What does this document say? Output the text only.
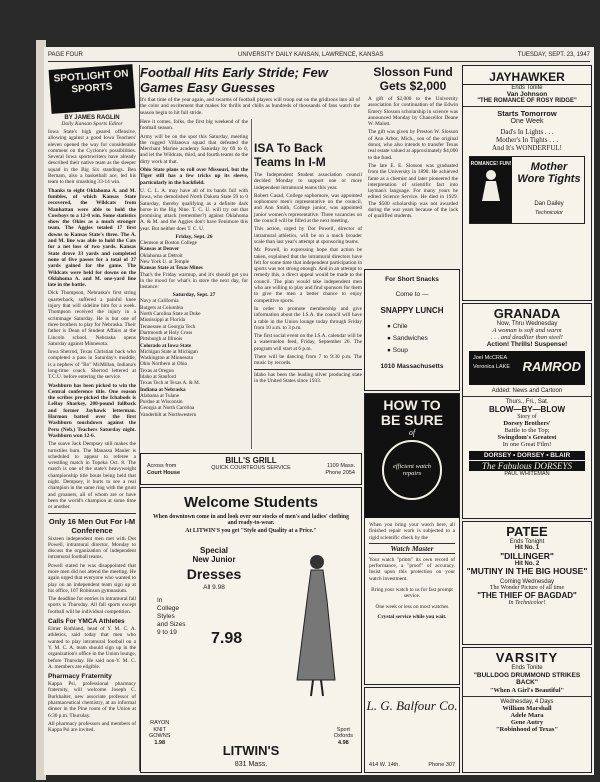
PAGE FOUR	UNIVERSITY DAILY KANSAN, LAWRENCE, KANSAS	TUESDAY, SEPT. 23, 1947
SPOTLIGHT ON SPORTS
BY JAMES RAGLIN
Daily Kansan Sports Editor

Iowa State's high geared offensive, allowing against a good Iowa Teachers' eleven opened the way for considerable comment on the Cyclone's possibilities. Several Iowa sportswriters have already described their native team as the sleeper squad in the Big Six standings. Ben Bernam, also a basketball ace, led his team to their smashing 33-14 win.

Thanks to eight Oklahoma A. and M. fumbles, of which Kansas State recovered, the Wildcats from Manhattan were able to hold the Cowboys to a 12-0 win. Some statistics show the Okies as a much stronger team. The Aggies totaled 17 first downs to Kansas State's three. The A. and M. line was able to hold the Cats for a net loss of two yards. Kansas State drove 33 yards and completed none of five passes for a total of 37 yards gained for the game. The Wildcats were held for downs on the Oklahoma A. and M. one-yard line late in the battle.

Dick Thompson, Nebraska's first string quarterback, suffered a painful knee injury that will sideline him for a week. Thompson received the injury in a scrimmage Saturday. He is but one of three brothers to play for Nebraska. Their father is Dean of Student Affairs at the Lincoln school. Nebraska opens Saturday against Minnesota.

Iowa Sherrod, Texas Christian back who completed a pass in Saturday's muddle, is a nephew of "Bo" McMillan, Indiana's long-time coach. Sherrod lettered at T.C.U. before entering the service.

Washburn has been picked to win the Central conference title. One reason the scribes pre-picked the Ichabods is LeRoy Sharkey, 200-pound fullback and former Jayhawk letterman. Harmon batted over the first Washburn touchdown against the Peru (Neb.) Teachers Saturday night. Washburn won 12-6.

The suave Jack Dempsey still makes the turnstiles hum. The Manassa Mauler is scheduled to appear to referee a wrestling match in Topeka Oct. 8. The match is one of the state's heavyweight championship title bouts being held that night. Dempsey, it hurts to see a real champion in the same ring with the grunt and groaners, all of whom are or have been the world's champion at some time or another.

Only 16 Men Out For I-M Conference

Sixteen independent men met with Dot Powell, intramural director, Monday to discuss the organization of independent intramural football teams.

Powell stated he was disappointed that more men did not attend the meeting. He again urged that everyone who wanted to play on an independent team sign up at his office, 107 Robinson gymnasium.

The deadline for entries in intramural fall sports is Thursday. All fall sports except football will be individual competition.

Calls For YMCA Athletes

Elmer Rothland, head of Y. M. C. A. athletics, said today that men who wanted to play intramural football on a Y. M. C. A. team should sign up in the organization's office in the Union lounge, before Thursday. He said non-Y. M. C. A. members are eligible.

Pharmacy Fraternity

Kappa Psi, professional pharmacy fraternity, will welcome Joseph C. Burkhalter, new associate professor of pharmaceutical chemistry, at an informal dinner in the Pine room of the Union at 6:30 p.m. Thursday.

All pharmacy professors and members of Kappa Psi are invited.

Football Hits Early Stride; Few Games Easy Guesses

It's that time of the year again, and swarms of football players will troop out on the gridirons into all of the color and excitement that makes for thrills and chills as hundreds of thousands of fans watch the season begin to hit full stride.

Here it comes, folks, the first big weekend of the football season.

Army will be on the spot this Saturday, meeting the rugged Villanova squad that defeated the Merchant Marine academy Saturday by 69 to 0, and let the Wildcats, third, and fourth teams do the dirty work at that.

Ohio State plans to roll over Missouri, but the Tiger still has a few tricks up its sleeve, particularly in the backfield.

U. C. L. A. may have all of its bands full with Iowa, who demolished North Dakota State 59 to 0 Saturday, thereby qualifying as a definite dark horse in the Big Nine. T. C. U. will try out that promising attack (remember?) against Oklahoma A. & M. and the Aggies don't have Fenimore this year. But neither does T. C. U.

Friday, Sept. 26
Clemson at Boston College
Kansas at Denver
Oklahoma at Detroit
New York U. at Temple
Kansas State at Texas Mines

That's the Friday warmup, and it's should get you in the mood for what's in store the next day, for instance:

Saturday, Sept. 27
Navy at California
Rutgers at Columbia
North Carolina State at Duke
Mississippi at Florida
Tennessee at Georgia Tech
Dartmouth at Holy Cross
Pittsburgh at Illinois
Colorado at Iowa State
Michigan State at Michigan
Washington at Minnesota
Ohio Northern at Ohio
Texas at Oregon
Idaho at Stanford
Texas Tech at Texas A. & M.
Indiana at Nebraska
Alabama at Tulane
Purdue at Wisconsin
Georgia at North Carolina
Vanderbilt at Northwestern
ISA To Back Teams In I-M

The Independent Student association council decided Monday to support one or more independent intramural teams this year.

Robert Casad, College sophomore, was appointed sophomore men's representative on the council, and Ann Smith, College junior, was appointed junior women's representative. Three vacancies on the council will be filled at the next meeting.

This action, urged by Dot Powell, director of intramural athletics, will be on a much broader scale than last year's attempt at sponsoring teams.

Mr. Powell, in expressing hope that action be taken, explained that the intramural directors have felt for some time that independent participation in sports was not strong enough. And in an attempt to remedy this, a direct appeal would be made to the council. The plan would take independent men who are willing to play and find sponsors for them to give the men a better chance to enjoy competitive sports.

In order to promote membership and give information about the I.S.A. the council will have a table in the Union lounge today through Friday from 10 a.m. to 3 p.m.

The first social event on the I.S.A. calendar will be a watermelon feed, Friday, September 26. The program will start at 6 p.m.

There will be dancing from 7 to 9:30 p.m. The music by records.

Idaho has been the leading silver producing state in the United States since 1933.

Slosson Fund Gets $2,000

A gift of $2,000 to the University association for continuation of the Edwin Emery Slosson scholarship in science was announced Monday by Chancellor Deane W. Malott.

The gift was given by Preston W. Slosson of Ann Arbor, Mich., son of the original donor, who also intends to transfer Texas real estate valued at approximately $4,000 to the fund.

The late E. E. Slosson was graduated from the University in 1890. He achieved fame as a chemist and later pioneered the interpretation of scientific fact into layman's language. For many years he edited Science Service. He died in 1929. The $500 scholarship was not awarded during the war years because of the lack of qualified students.

For Short Snacks
Come to —
SNAPPY LUNCH
● Chile
● Sandwiches
● Soup
1010 Massachusetts
HOW TO
BE SURE
of
efficient watch repairs

When you bring your watch here, all finished repair work is subjected to a rigid scientific check by the

Watch Master

Your watch "prints" its own record of performance, a "proof" of accuracy. Insist upon this protection on your watch investment.

Bring your watch to us for fast prompt service.

One week or less on most watches

Crystal service while you wait.

L. G. Balfour Co.
414 W. 14th.	Phone 307
BILL'S GRILL
QUICK COURTEOUS SERVICE
Across from
Court House
1109 Mass.
Phone 2054
Welcome Students

When downtown come in and look over our stocks of men's and ladies' clothing and ready-to-wear.

At LITWIN'S you get "Style and Quality at a Price."

Special
New Junior
Dresses
All 9.98
In
College
Styles
and Sizes
9 to 19	7.98
RAYON
KNIT
GOWNS
1.98
Sport
Oxfords
4.98
LITWIN'S
831 Mass.
JAYHAWKER
Ends Tonite
Van Johnson
"THE ROMANCE OF ROSY RIDGE"
Starts Tomorrow
One Week
Dad's In Lights . . .
Mother's In Tights . . .
And It's WONDERFUL!
ROMANCE! FUN!	Mother Wore Tights
Dan Dailey
Technicolor
GRANADA
Now, Thru Wednesday
A woman is soft and warm
. . . and deadlier than steel!
Action! Thrills! Suspense!
Joel McCREA
Veronica LAKE RAMROD
Added: News and Cartoon
Thurs., Fri., Sat.
BLOW—BY—BLOW
Story of
Dorsey Brothers'
Battle to the Top;
Swingdom's Greatest
In one Great Film!
DORSEY • DORSEY • BLAIR
The Fabulous DORSEYS
PAUL WHITEMAN
PATEE
Ends Tonight
Hit No. 1
"DILLINGER"
Hit No. 2
"MUTINY IN THE BIG HOUSE"
Coming Wednesday
The Wonder Picture of all time
"THE THIEF OF BAGDAD"
In Technicolor!
VARSITY
Ends Tonite
"BULLDOG DRUMMOND STRIKES BACK"
"When A Girl's Beautiful"
Wednesday, 4 Days
William Marshall
Adele Mara
Gene Autry
"Robinhood of Texas"
